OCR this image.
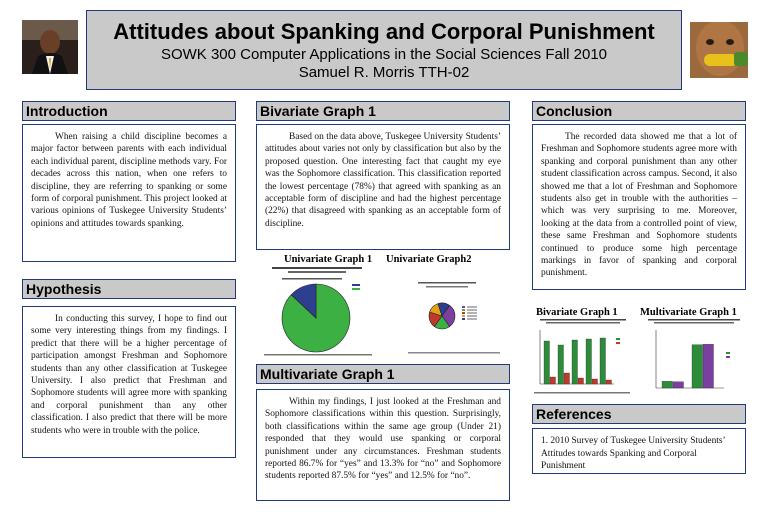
Attitudes about Spanking and Corporal Punishment
SOWK 300 Computer Applications in the Social Sciences Fall 2010
Samuel R. Morris TTH-02
Introduction

When raising a child discipline becomes a major factor between parents with each individual each individual parent, discipline methods vary. For decades across this nation, when one refers to discipline, they are referring to spanking or some form of corporal punishment. This project looked at various opinions of Tuskegee University Students’ opinions and attitudes towards spanking.

Hypothesis

In conducting this survey, I hope to find out some very interesting things from my findings. I predict that there will be a higher percentage of participation amongst Freshman and Sophomore students than any other classification at Tuskegee University. I also predict that Freshman and Sophomore students will agree more with spanking and corporal punishment than any other classification. I also predict that there will be more students who were in trouble with the police.

Bivariate Graph 1

Based on the data above, Tuskegee University Students’ attitudes about varies not only by classification but also by the proposed question. One interesting fact that caught my eye was the Sophomore classification. This classification reported the lowest percentage (78%) that agreed with spanking as an acceptable form of discipline and had the highest percentage (22%) that disagreed with spanking as an acceptable form of discipline.

Univariate Graph 1 Univariate Graph2
Multivariate Graph 1

Within my findings, I just looked at the Freshman and Sophomore classifications within this question. Surprisingly, both classifications within the same age group (Under 21) responded that they would use spanking or corporal punishment under any circumstances. Freshman students reported 86.7% for “yes” and 13.3% for “no” and Sophomore students reported 87.5% for “yes” and 12.5% for “no”.

Conclusion

The recorded data showed me that a lot of Freshman and Sophomore students agree more with spanking and corporal punishment than any other student classification across campus. Second, it also showed me that a lot of Freshman and Sophomore students also get in trouble with the authorities – which was very surprising to me. Moreover, looking at the data from a controlled point of view, these same Freshman and Sophomore students continued to produce some high percentage markings in favor of spanking and corporal punishment.

Bivariate Graph 1 Multivariate Graph 1
References
1. 2010 Survey of Tuskegee University Students’ Attitudes towards Spanking and Corporal Punishment
